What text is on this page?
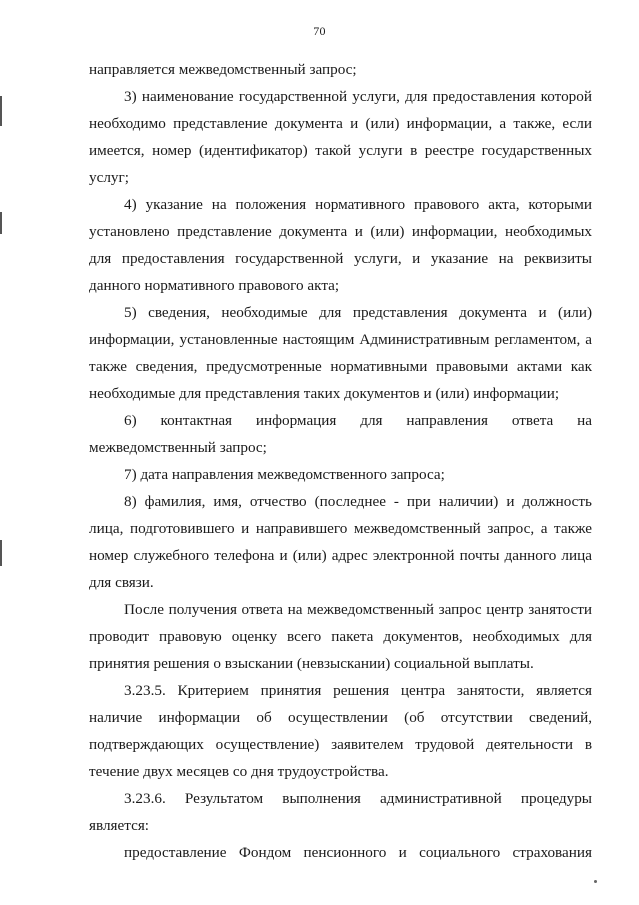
70

направляется межведомственный запрос;

3) наименование государственной услуги, для предоставления которой необходимо представление документа и (или) информации, а также, если имеется, номер (идентификатор) такой услуги в реестре государственных услуг;

4) указание на положения нормативного правового акта, которыми установлено представление документа и (или) информации, необходимых для предоставления государственной услуги, и указание на реквизиты данного нормативного правового акта;

5) сведения, необходимые для представления документа и (или) информации, установленные настоящим Административным регламентом, а также сведения, предусмотренные нормативными правовыми актами как необходимые для представления таких документов и (или) информации;

6) контактная информация для направления ответа на межведомственный запрос;

7) дата направления межведомственного запроса;

8) фамилия, имя, отчество (последнее - при наличии) и должность лица, подготовившего и направившего межведомственный запрос, а также номер служебного телефона и (или) адрес электронной почты данного лица для связи.

После получения ответа на межведомственный запрос центр занятости проводит правовую оценку всего пакета документов, необходимых для принятия решения о взыскании (невзыскании) социальной выплаты.

3.23.5. Критерием принятия решения центра занятости, является наличие информации об осуществлении (об отсутствии сведений, подтверждающих осуществление) заявителем трудовой деятельности в течение двух месяцев со дня трудоустройства.

3.23.6. Результатом выполнения административной процедуры является:

предоставление Фондом пенсионного и социального страхования
